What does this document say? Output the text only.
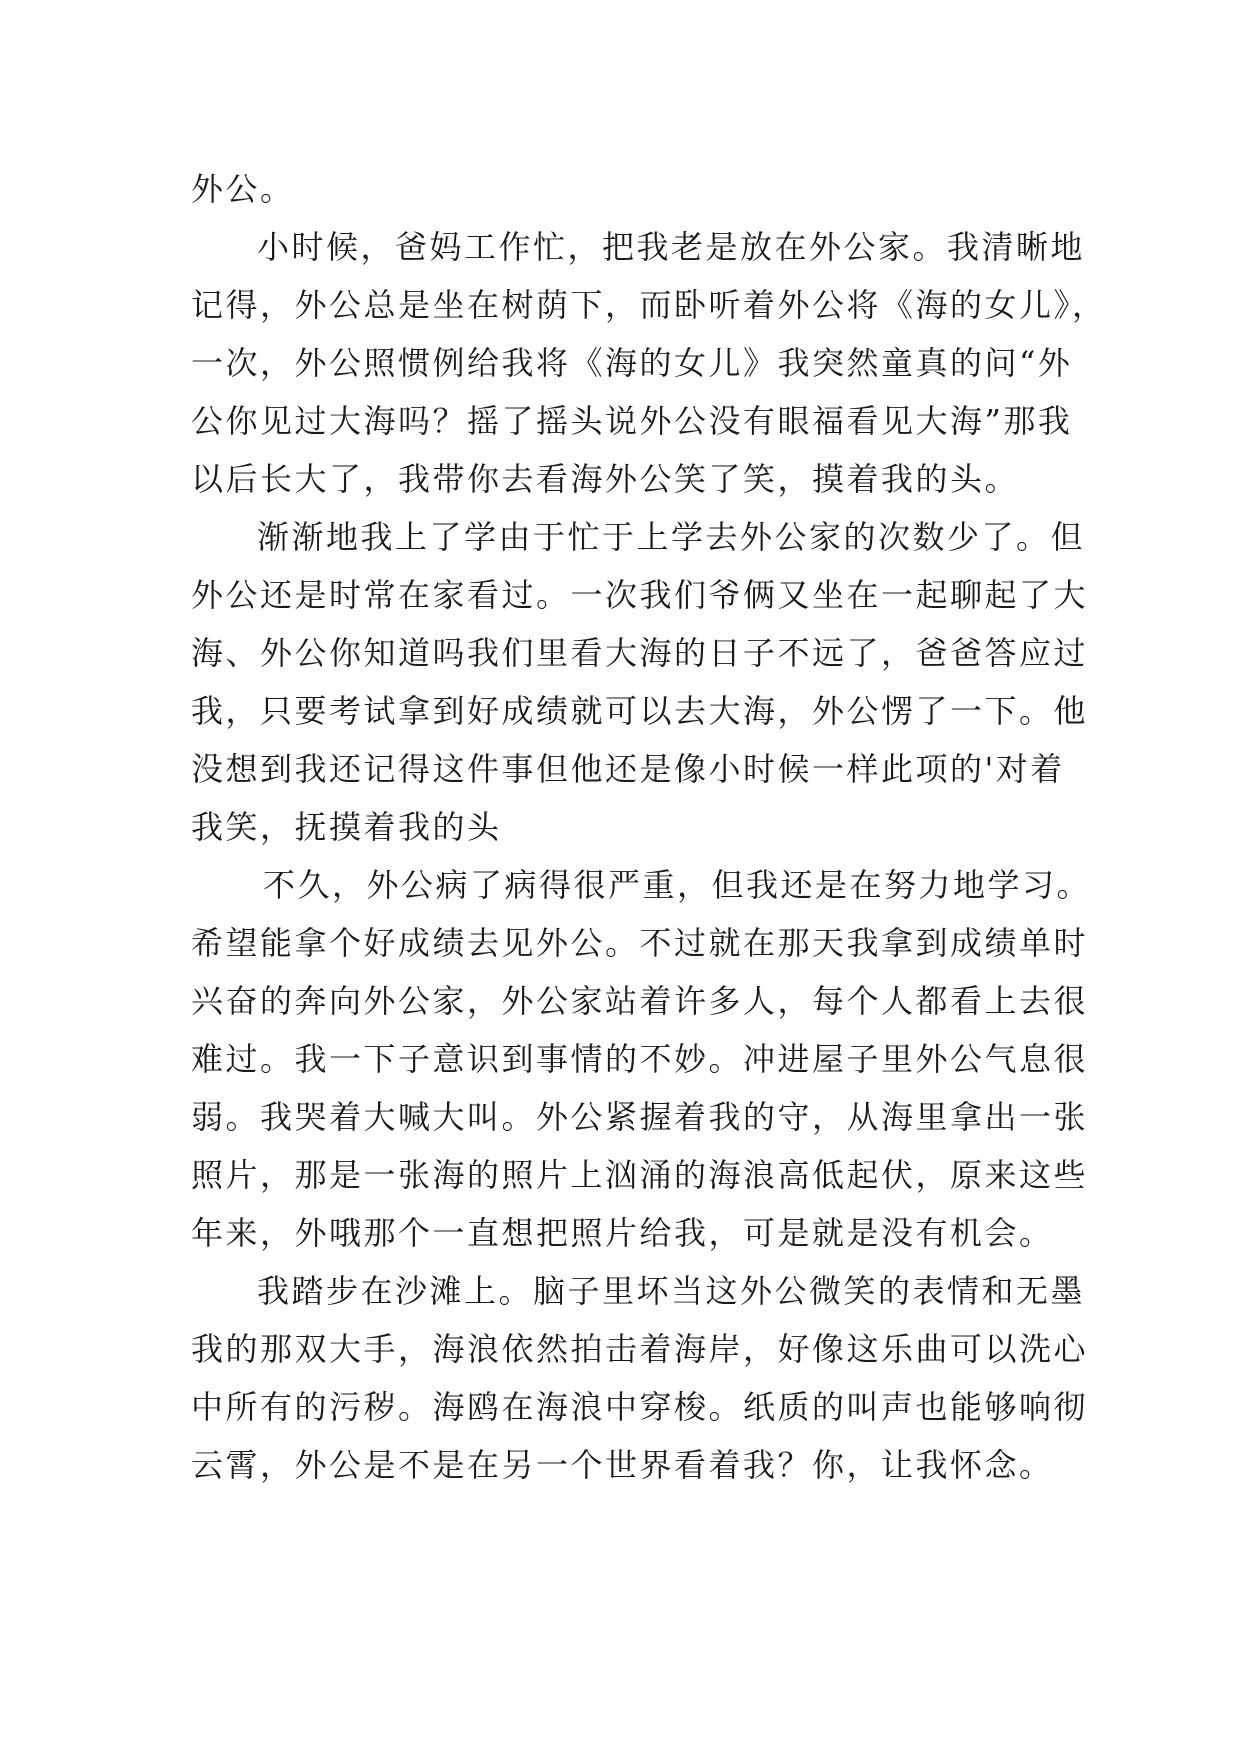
外公。
小时候，爸妈工作忙，把我老是放在外公家。我清晰地
记得，外公总是坐在树荫下，而卧听着外公将《海的女儿》，
一次，外公照惯例给我将《海的女儿》我突然童真的问“外
公你见过大海吗？摇了摇头说外公没有眼福看见大海”那我
以后长大了，我带你去看海外公笑了笑，摸着我的头。
渐渐地我上了学由于忙于上学去外公家的次数少了。但
外公还是时常在家看过。一次我们爷俩又坐在一起聊起了大
海、外公你知道吗我们里看大海的日子不远了，爸爸答应过
我，只要考试拿到好成绩就可以去大海，外公愣了一下。他
没想到我还记得这件事但他还是像小时候一样此项的'对着
我笑，抚摸着我的头
不久，外公病了病得很严重，但我还是在努力地学习。
希望能拿个好成绩去见外公。不过就在那天我拿到成绩单时
兴奋的奔向外公家，外公家站着许多人，每个人都看上去很
难过。我一下子意识到事情的不妙。冲进屋子里外公气息很
弱。我哭着大喊大叫。外公紧握着我的守，从海里拿出一张
照片，那是一张海的照片上汹涌的海浪高低起伏，原来这些
年来，外哦那个一直想把照片给我，可是就是没有机会。
我踏步在沙滩上。脑子里坏当这外公微笑的表情和无墨
我的那双大手，海浪依然拍击着海岸，好像这乐曲可以洗心
中所有的污秽。海鸥在海浪中穿梭。纸质的叫声也能够响彻
云霄，外公是不是在另一个世界看着我？你，让我怀念。
